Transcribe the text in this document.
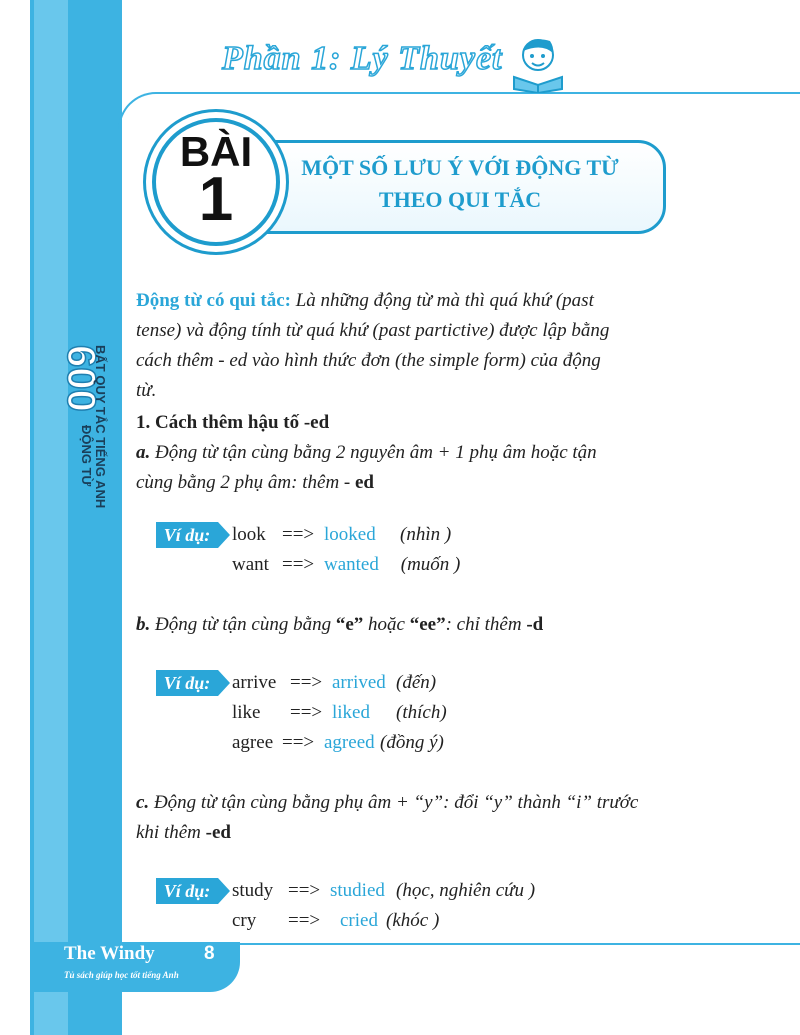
600
ĐỘNG TỪ BẤT QUY TẮC TIẾNG ANH
Phần 1: Lý Thuyết
MỘT SỐ LƯU Ý VỚI ĐỘNG TỪ
THEO QUI TẮC
BÀI
1
Động từ có qui tắc: Là những động từ mà thì quá khứ (past
tense) và động tính từ quá khứ (past partictive) được lập bằng
cách thêm - ed vào hình thức đơn (the simple form) của động
từ.
1. Cách thêm hậu tố -ed
a. Động từ tận cùng bằng 2 nguyên âm + 1 phụ âm hoặc tận
cùng bằng 2 phụ âm: thêm - ed
Ví dụ:	look ==> looked (nhìn )
want ==> wanted (muốn )
b. Động từ tận cùng bằng “e” hoặc “ee”: chỉ thêm -d
Ví dụ:	arrive ==> arrived (đến)
like ==> liked (thích)
agree ==> agreed (đồng ý)
c. Động từ tận cùng bằng phụ âm + “y”: đổi “y” thành “i” trước
khi thêm -ed
Ví dụ:	study ==> studied (học, nghiên cứu )
cry ==> cried (khóc )
The Windy	8
Tủ sách giúp học tốt tiếng Anh
